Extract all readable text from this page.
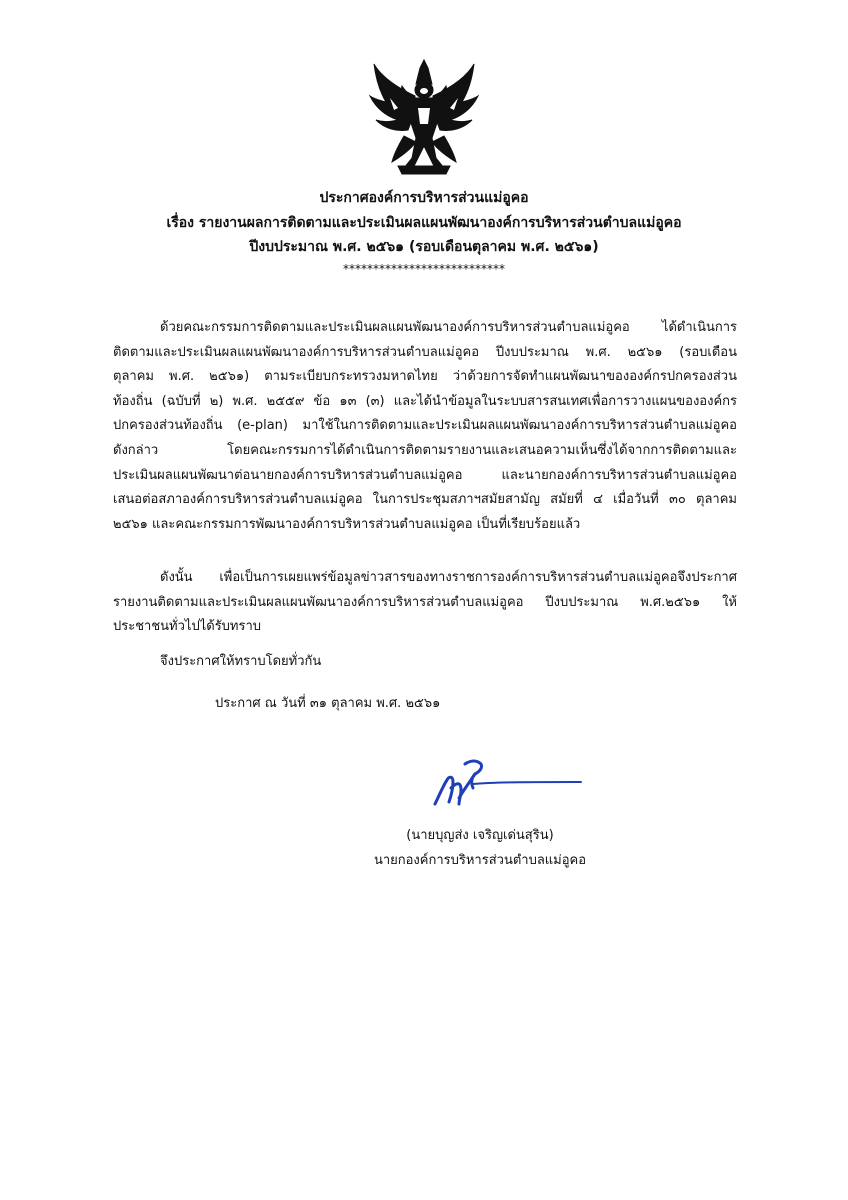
ประกาศองค์การบริหารส่วนแม่อูคอ
เรื่อง รายงานผลการติดตามและประเมินผลแผนพัฒนาองค์การบริหารส่วนตำบลแม่อูคอ
ปีงบประมาณ พ.ศ. ๒๕๖๑ (รอบเดือนตุลาคม พ.ศ. ๒๕๖๑)
***************************
ด้วยคณะกรรมการติดตามและประเมินผลแผนพัฒนาองค์การบริหารส่วนตำบลแม่อูคอ ได้ดำเนินการ
ติดตามและประเมินผลแผนพัฒนาองค์การบริหารส่วนตำบลแม่อูคอ ปีงบประมาณ พ.ศ. ๒๕๖๑ (รอบเดือน
ตุลาคม พ.ศ. ๒๕๖๑) ตามระเบียบกระทรวงมหาดไทย ว่าด้วยการจัดทำแผนพัฒนาขององค์กรปกครองส่วน
ท้องถิ่น (ฉบับที่ ๒) พ.ศ. ๒๕๕๙ ข้อ ๑๓ (๓) และได้นำข้อมูลในระบบสารสนเทศเพื่อการวางแผนขององค์กร
ปกครองส่วนท้องถิ่น (e-plan) มาใช้ในการติดตามและประเมินผลแผนพัฒนาองค์การบริหารส่วนตำบลแม่อูคอ
ดังกล่าว โดยคณะกรรมการได้ดำเนินการติดตามรายงานและเสนอความเห็นซึ่งได้จากการติดตามและ
ประเมินผลแผนพัฒนาต่อนายกองค์การบริหารส่วนตำบลแม่อูคอ และนายกองค์การบริหารส่วนตำบลแม่อูคอ
เสนอต่อสภาองค์การบริหารส่วนตำบลแม่อูคอ ในการประชุมสภาฯสมัยสามัญ สมัยที่ ๔ เมื่อวันที่ ๓๐ ตุลาคม
๒๕๖๑ และคณะกรรมการพัฒนาองค์การบริหารส่วนตำบลแม่อูคอ เป็นที่เรียบร้อยแล้ว
ดังนั้น เพื่อเป็นการเผยแพร่ข้อมูลข่าวสารของทางราชการองค์การบริหารส่วนตำบลแม่อูคอจึงประกาศ
รายงานติดตามและประเมินผลแผนพัฒนาองค์การบริหารส่วนตำบลแม่อูคอ ปีงบประมาณ พ.ศ.๒๕๖๑ ให้
ประชาชนทั่วไปได้รับทราบ
จึงประกาศให้ทราบโดยทั่วกัน
ประกาศ ณ วันที่ ๓๑ ตุลาคม พ.ศ. ๒๕๖๑
(นายบุญส่ง เจริญเด่นสุริน)
นายกองค์การบริหารส่วนตำบลแม่อูคอ
